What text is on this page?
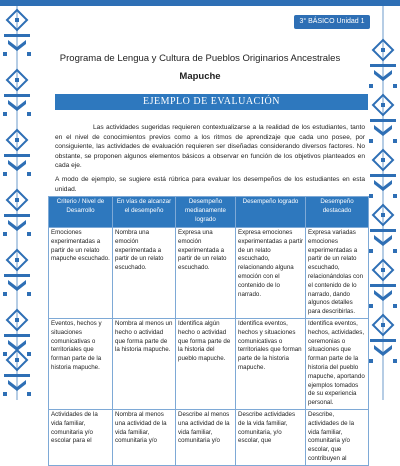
3° BÁSICO Unidad 1
Programa de Lengua y Cultura de Pueblos Originarios Ancestrales
Mapuche
EJEMPLO DE EVALUACIÓN
Las actividades sugeridas requieren contextualizarse a la realidad de los estudiantes, tanto en el nivel de conocimientos previos como a los ritmos de aprendizaje que cada uno posee, por consiguiente, las actividades de evaluación requieren ser diseñadas considerando diversos factores. No obstante, se proponen algunos elementos básicos a observar en función de los objetivos planteados en cada eje.
A modo de ejemplo, se sugiere está rúbrica para evaluar los desempeños de los estudiantes en esta unidad.
Criterio / Nivel de Desarrollo	En vías de alcanzar el desempeño	Desempeño medianamente logrado	Desempeño logrado	Desempeño destacado
Emociones experimentadas a partir de un relato mapuche escuchado.	Nombra una emoción experimentada a partir de un relato escuchado.	Expresa una emoción experimentada a partir de un relato escuchado.	Expresa emociones experimentadas a partir de un relato escuchado, relacionando alguna emoción con el contenido de lo narrado.	Expresa variadas emociones experimentadas a partir de un relato escuchado, relacionándolas con el contenido de lo narrado, dando algunos detalles para describirlas.
Eventos, hechos y situaciones comunicativas o territoriales que forman parte de la historia mapuche.	Nombra al menos un hecho o actividad que forma parte de la historia mapuche.	Identifica algún hecho o actividad que forma parte de la historia del pueblo mapuche.	Identifica eventos, hechos y situaciones comunicativas o territoriales que forman parte de la historia mapuche.	Identifica eventos, hechos, actividades, ceremonias o situaciones que forman parte de la historia del pueblo mapuche, aportando ejemplos tomados de su experiencia personal.
Actividades de la vida familiar, comunitaria y/o escolar para el	Nombra al menos una actividad de la vida familiar, comunitaria y/o	Describe al menos una actividad de la vida familiar, comunitaria y/o	Describe actividades de la vida familiar, comunitaria, y/o escolar, que	Describe, actividades de la vida familiar, comunitaria y/o escolar, que contribuyen al
